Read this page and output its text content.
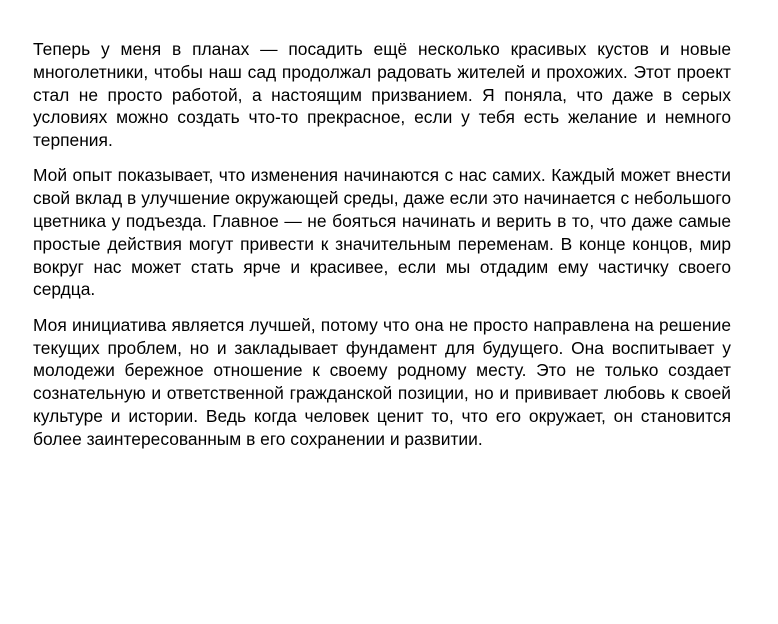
Теперь у меня в планах — посадить ещё несколько красивых кустов и новые многолетники, чтобы наш сад продолжал радовать жителей и прохожих. Этот проект стал не просто работой, а настоящим призванием. Я поняла, что даже в серых условиях можно создать что-то прекрасное, если у тебя есть желание и немного терпения.

Мой опыт показывает, что изменения начинаются с нас самих. Каждый может внести свой вклад в улучшение окружающей среды, даже если это начинается с небольшого цветника у подъезда. Главное — не бояться начинать и верить в то, что даже самые простые действия могут привести к значительным переменам. В конце концов, мир вокруг нас может стать ярче и красивее, если мы отдадим ему частичку своего сердца.

Моя инициатива является лучшей, потому что она не просто направлена на решение текущих проблем, но и закладывает фундамент для будущего. Она воспитывает у молодежи бережное отношение к своему родному месту. Это не только создает сознательную и ответственной гражданской позиции, но и прививает любовь к своей культуре и истории. Ведь когда человек ценит то, что его окружает, он становится более заинтересованным в его сохранении и развитии.
